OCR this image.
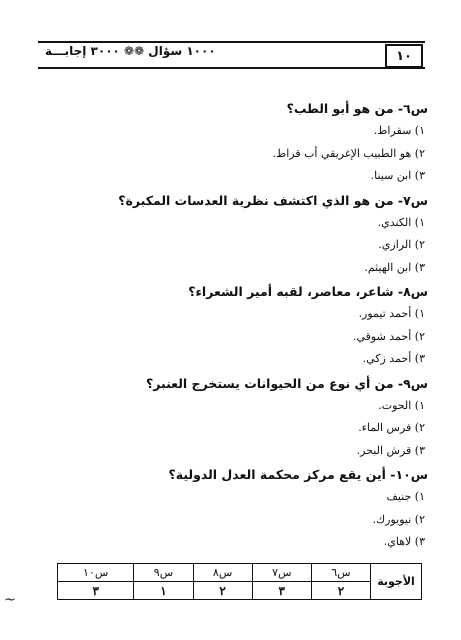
١٠٠٠ سؤال ❁❁ ٣٠٠٠ إجابـــة	١٠
س٦- من هو أبو الطب؟
١) سقراط.
٢) هو الطبيب الإغريقي أب قراط.
٣) ابن سينا.
س٧- من هو الذي اكتشف نظرية العدسات المكبرة؟
١) الكندي.
٢) الرازي.
٣) ابن الهيثم.
س٨- شاعر، معاصر، لقبه أمير الشعراء؟
١) أحمد تيمور.
٢) أحمد شوقي.
٣) أحمد زكي.
س٩- من أي نوع من الحيوانات يستخرج العنبر؟
١) الحوت.
٢) فرس الماء.
٣) قرش البحر.
س١٠- أين يقع مركز محكمة العدل الدولية؟
١) جنيف
٢) نيويورك.
٣) لاهاي.
الأجوبة	س٦	س٧	س٨	س٩	س١٠
	٢	٣	٢	١	٣
~
